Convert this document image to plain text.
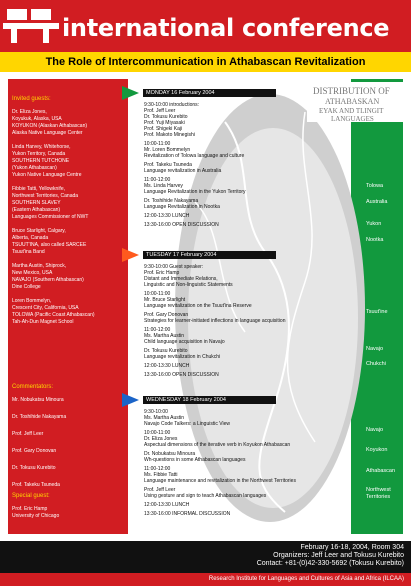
international conference
The Role of Intercommunication in Athabascan Revitalization
DISTRIBUTION OF
ATHABASKAN
EYAK AND TLINGIT
LANGUAGES
Invited guests:
Dr. Eliza Jones,
Koyukuk, Alaska, USA
KOYUKON (Alaskan Athabascan)
Alaska Native Language Center
Linda Harvey, Whitehorse,
Yukon Territory, Canada
SOUTHERN TUTCHONE
(Yukon Athabascan)
Yukon Native Language Centre
Fibbie Tatti, Yellowknife,
Northwest Territories, Canada
SOUTHERN SLAVEY
(Eastern Athabascan)
Languages Commissioner of NWT
Bruce Starlight, Calgary,
Alberta, Canada
TSUUT'INA, also called SARCEE
Tsuut'ina Band
Martha Austin, Shiprock,
New Mexico, USA
NAVAJO (Southern Athabascan)
Dine College
Loren Bommelyn,
Crescent City, California, USA
TOLOWA (Pacific Coast Athabascan)
Tah-Ah-Dun Magnet School
Commentators:
Mr. Nobukatsu Minoura
Dr. Toshihide Nakayama
Prof. Jeff Leer
Prof. Gary Donovan
Dr. Tokusu Kurebito
Prof. Takeku Tsuneda
Special guest:
Prof. Eric Hamp
University of Chicago
MONDAY 16 February 2004
9:30-10:00 introductions:
Prof. Jeff Leer
Dr. Tokusu Kurebito
Prof. Yuji Miyasaki
Prof. Shigeki Kaji
Prof. Makoto Minegishi
10:00-11:00
Mr. Loren Bommelyn
Revitalization of Tolowa language and culture
Prof. Takeku Tsuneda
Language revitalization in Australia
11:00-12:00
Ms. Linda Harvey
Language Revitalization in the Yukon Territory
Dr. Toshihide Nakayama
Language Revitalization in Nootka
12:00-13:30 LUNCH
13:30-16:00 OPEN DISCUSSION
TUESDAY 17 February 2004
9:30-10:00 Guest speaker:
Prof. Eric Hamp
Distant and Immediate Relations,
Linguistic and Non-linguistic Statements
10:00-11:00
Mr. Bruce Starlight
Language revitalization on the Tsuut'ina Reserve
Prof. Gary Donovan
Strategies for learner-initiated inflections in language acquisition
11:00-12:00
Ms. Martha Austin
Child language acquisition in Navajo
Dr. Tokusu Kurebito
Language revitalization in Chukchi
12:00-13:30 LUNCH
13:30-16:00 OPEN DISCUSSION
WEDNESDAY 18 February 2004
9:30-10:00
Ms. Martha Austin
Navajo Code Talkers: a Linguistic View
10:00-11:00
Dr. Eliza Jones
Aspectual dimensions of the iterative verb in Koyukon Athabascan
Dr. Nobukatsu Minoura
Wh-questions in some Athabascan languages
11:00-12:00
Ms. Fibbie Tatti
Language maintenance and revitalization in the Northwest Territories
Prof. Jeff Leer
Using gesture and sign to teach Athabascan languages
12:00-13:30 LUNCH
13:30-16:00 INFORMAL DISCUSSION
Tolowa
Australia
Yukon
Nootka
Tsuut'ine
Navajo
Chukchi
Navajo
Koyukon
Athabascan
Northwest
Territories
February 16-18, 2004, Room 304
Organizers: Jeff Leer and Tokusu Kurebito
Contact: +81-(0)42-330-5692 (Tokusu Kurebito)
Research Institute for Languages and Cultures of Asia and Africa (ILCAA)
